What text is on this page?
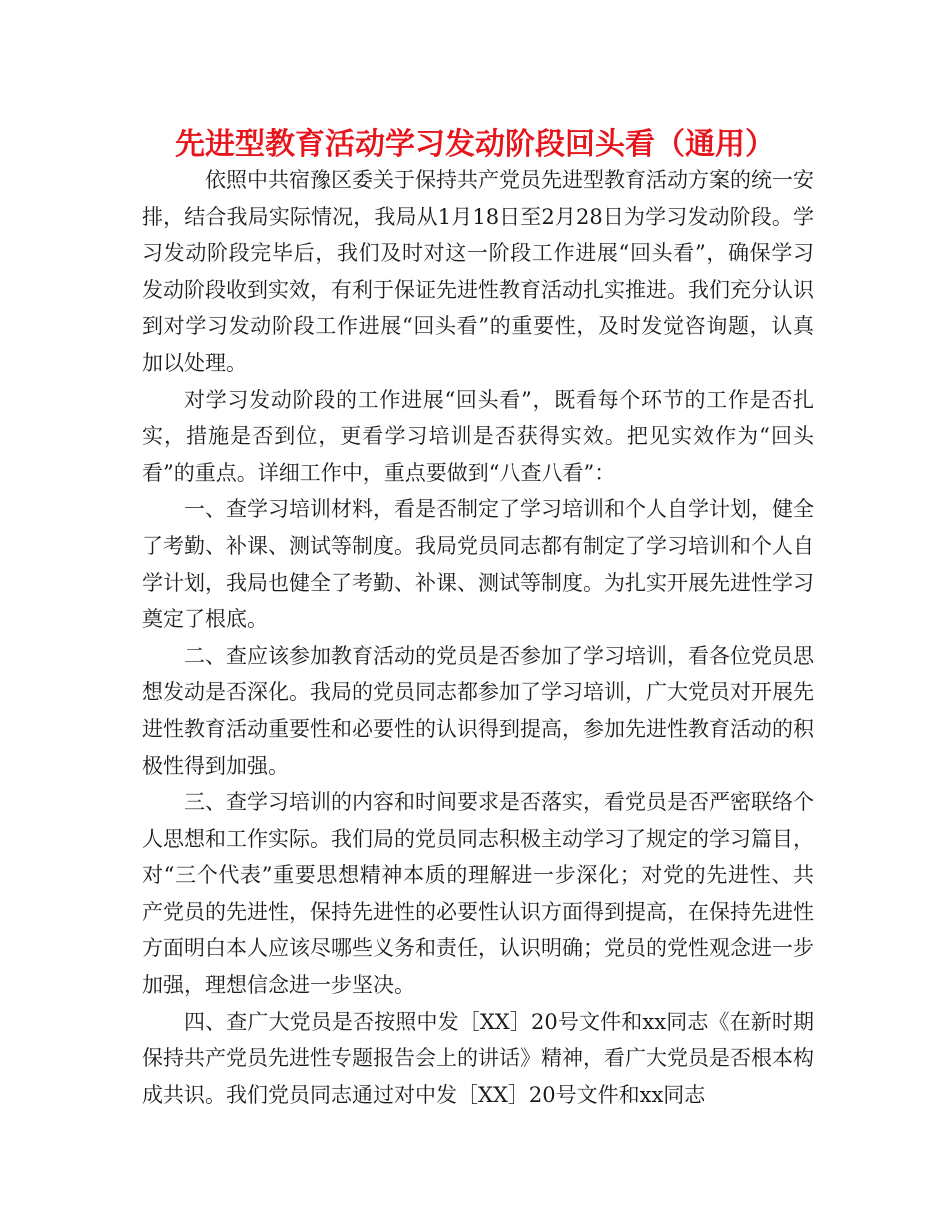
先进型教育活动学习发动阶段回头看（通用）

依照中共宿豫区委关于保持共产党员先进型教育活动方案的统一安排，结合我局实际情况，我局从1月18日至2月28日为学习发动阶段。学习发动阶段完毕后，我们及时对这一阶段工作进展“回头看”，确保学习发动阶段收到实效，有利于保证先进性教育活动扎实推进。我们充分认识到对学习发动阶段工作进展“回头看”的重要性，及时发觉咨询题，认真加以处理。

对学习发动阶段的工作进展“回头看”，既看每个环节的工作是否扎实，措施是否到位，更看学习培训是否获得实效。把见实效作为“回头看”的重点。详细工作中，重点要做到“八查八看”：

一、查学习培训材料，看是否制定了学习培训和个人自学计划，健全了考勤、补课、测试等制度。我局党员同志都有制定了学习培训和个人自学计划，我局也健全了考勤、补课、测试等制度。为扎实开展先进性学习奠定了根底。

二、查应该参加教育活动的党员是否参加了学习培训，看各位党员思想发动是否深化。我局的党员同志都参加了学习培训，广大党员对开展先进性教育活动重要性和必要性的认识得到提高，参加先进性教育活动的积极性得到加强。

三、查学习培训的内容和时间要求是否落实，看党员是否严密联络个人思想和工作实际。我们局的党员同志积极主动学习了规定的学习篇目，对“三个代表”重要思想精神本质的理解进一步深化；对党的先进性、共产党员的先进性，保持先进性的必要性认识方面得到提高，在保持先进性方面明白本人应该尽哪些义务和责任，认识明确；党员的党性观念进一步加强，理想信念进一步坚决。

四、查广大党员是否按照中发［XX］20号文件和xx同志《在新时期保持共产党员先进性专题报告会上的讲话》精神，看广大党员是否根本构成共识。我们党员同志通过对中发［XX］20号文件和xx同志
